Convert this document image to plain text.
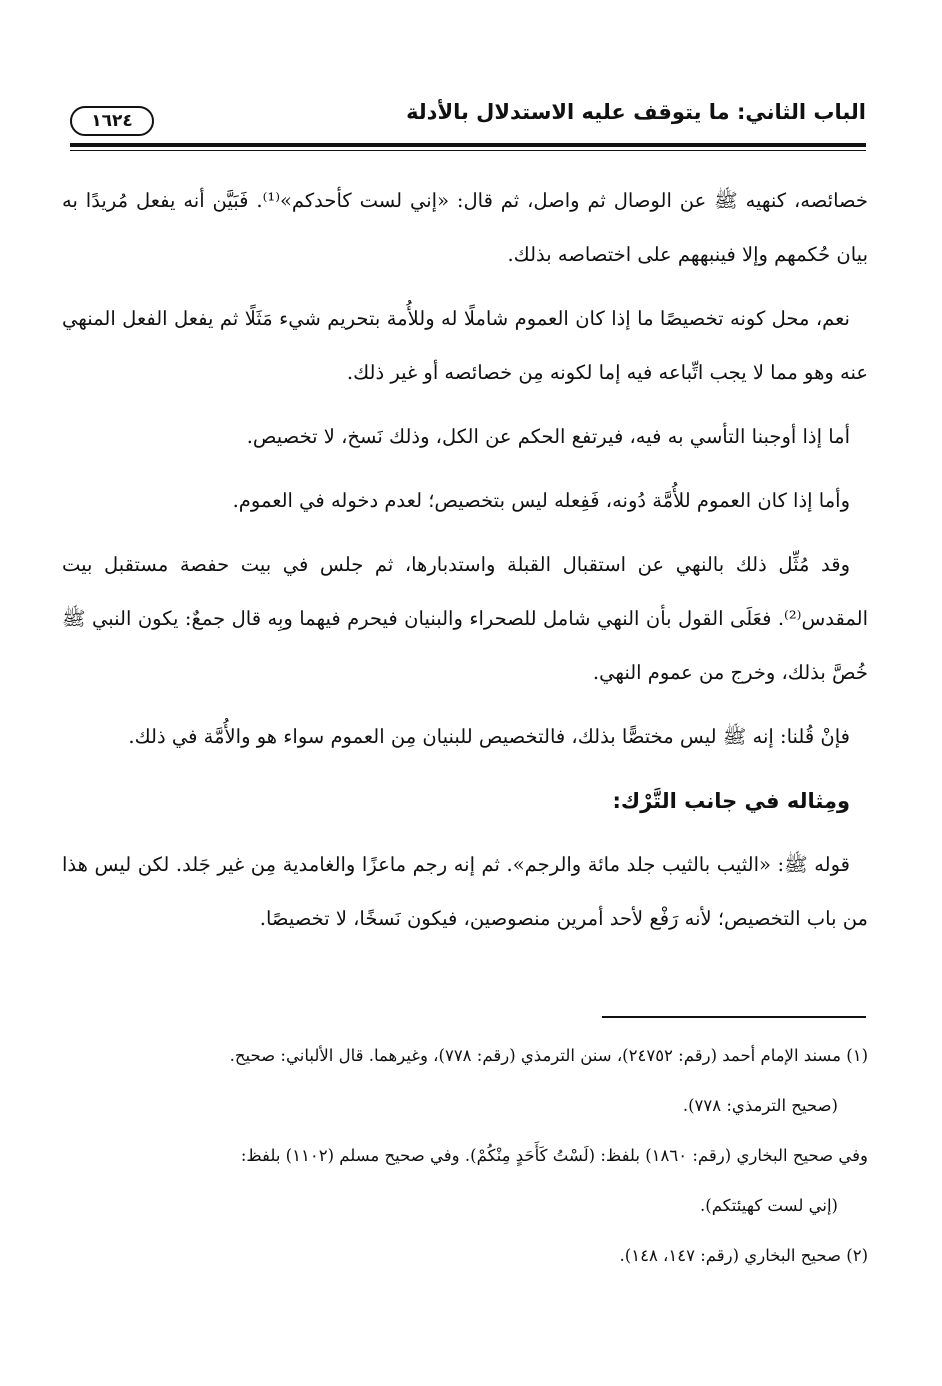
الباب الثاني: ما يتوقف عليه الاستدلال بالأدلة
١٦٢٤

خصائصه، كنهيه ﷺ عن الوصال ثم واصل، ثم قال: «إني لست كأحدكم»⁽¹⁾. فَبَيَّن أنه يفعل مُريدًا به بيان حُكمهم وإلا فينبههم على اختصاصه بذلك.

نعم، محل كونه تخصيصًا ما إذا كان العموم شاملًا له وللأُمة بتحريم شيء مَثَلًا ثم يفعل الفعل المنهي عنه وهو مما لا يجب اتِّباعه فيه إما لكونه مِن خصائصه أو غير ذلك.

أما إذا أوجبنا التأسي به فيه، فيرتفع الحكم عن الكل، وذلك نَسخ، لا تخصيص.

وأما إذا كان العموم للأُمَّة دُونه، فَفِعله ليس بتخصيص؛ لعدم دخوله في العموم.

وقد مُثِّل ذلك بالنهي عن استقبال القبلة واستدبارها، ثم جلس في بيت حفصة مستقبل بيت المقدس⁽²⁾. فعَلَى القول بأن النهي شامل للصحراء والبنيان فيحرم فيهما وبِه قال جمعٌ: يكون النبي ﷺ خُصَّ بذلك، وخرج من عموم النهي.

فإنْ قُلنا: إنه ﷺ ليس مختصًّا بذلك، فالتخصيص للبنيان مِن العموم سواء هو والأُمَّة في ذلك.

ومِثاله في جانب التَّرْك:

قوله ﷺ: «الثيب بالثيب جلد مائة والرجم». ثم إنه رجم ماعزًا والغامدية مِن غير جَلد. لكن ليس هذا من باب التخصيص؛ لأنه رَفْع لأحد أمرين منصوصين، فيكون نَسخًا، لا تخصيصًا.

(١) مسند الإمام أحمد (رقم: ٢٤٧٥٢)، سنن الترمذي (رقم: ٧٧٨)، وغيرهما. قال الألباني: صحيح.

(صحيح الترمذي: ٧٧٨).

وفي صحيح البخاري (رقم: ١٨٦٠) بلفظ: (لَسْتُ كَأَحَدٍ مِنْكُمْ). وفي صحيح مسلم (١١٠٢) بلفظ:

(إني لست كهيئتكم).

(٢) صحيح البخاري (رقم: ١٤٧، ١٤٨).
